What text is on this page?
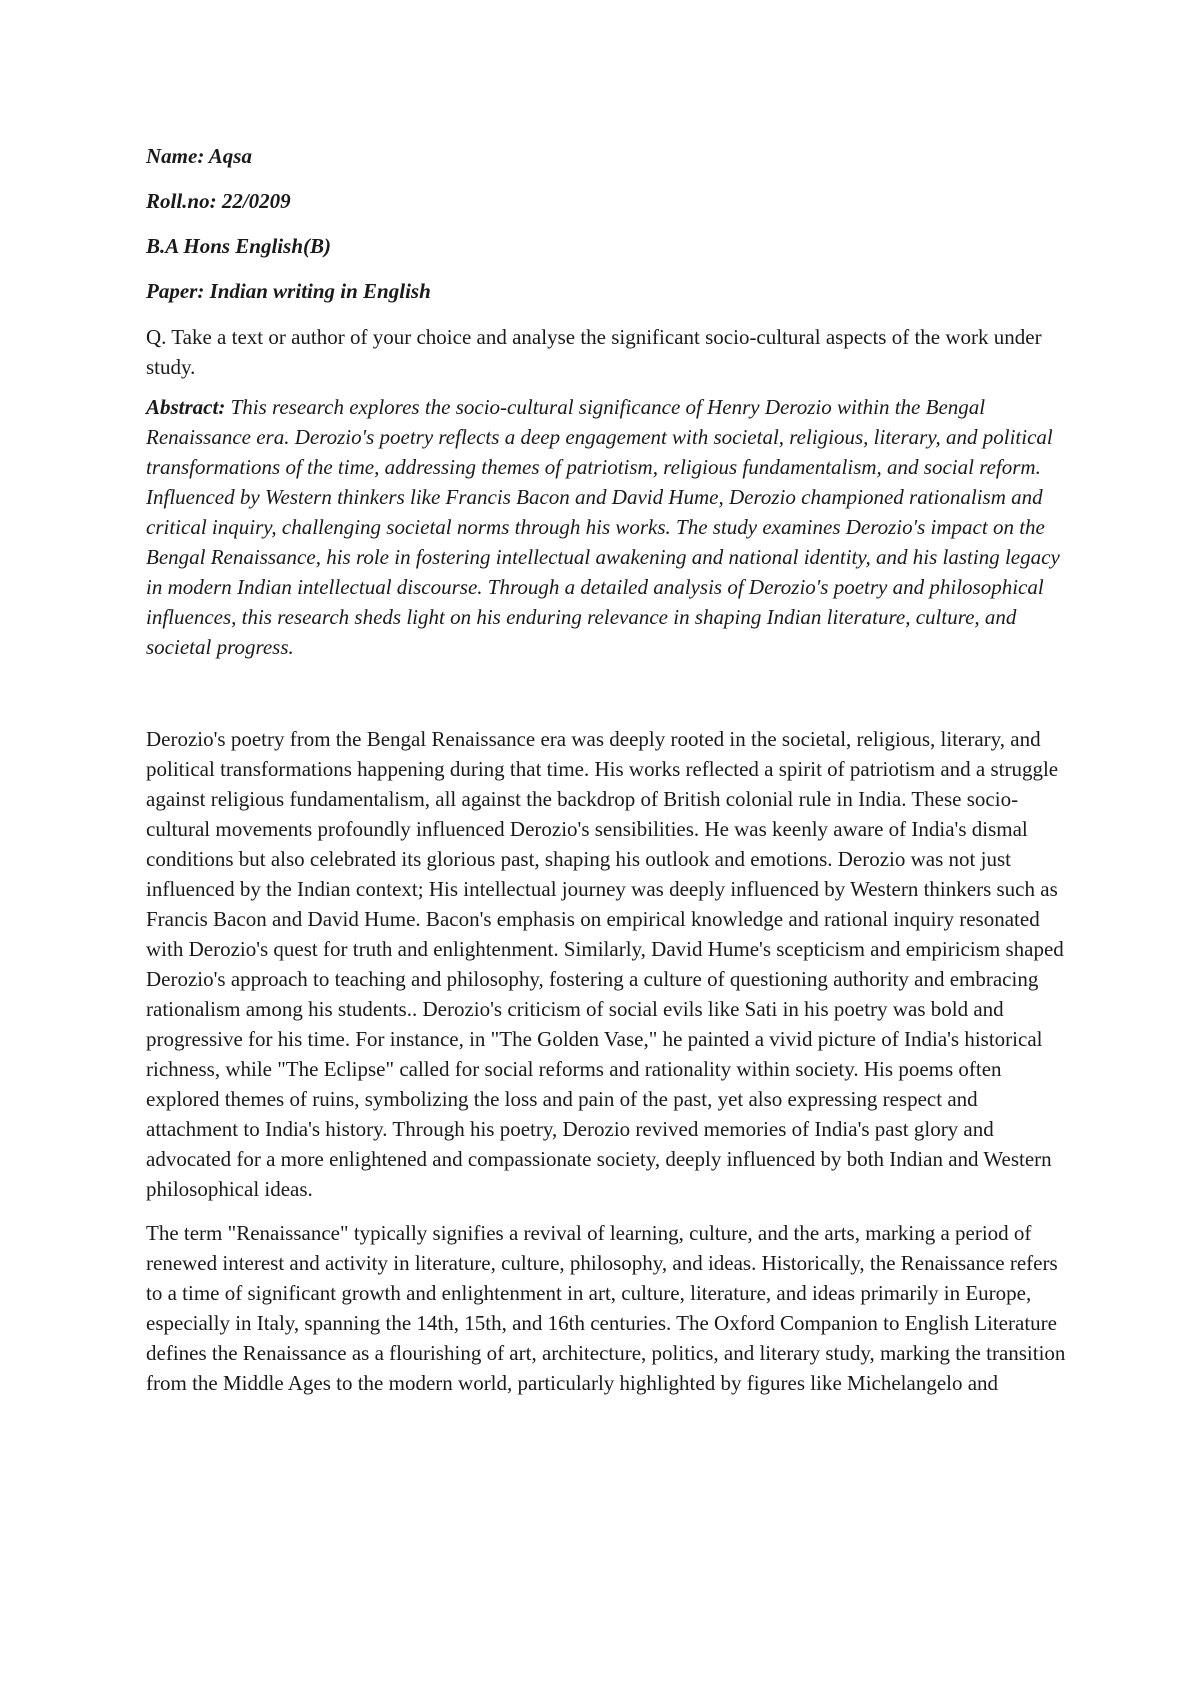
Name: Aqsa

Roll.no: 22/0209

B.A Hons English(B)

Paper: Indian writing in English

Q. Take a text or author of your choice and analyse the significant socio-cultural aspects of the work under study.

Abstract: This research explores the socio-cultural significance of Henry Derozio within the Bengal Renaissance era. Derozio's poetry reflects a deep engagement with societal, religious, literary, and political transformations of the time, addressing themes of patriotism, religious fundamentalism, and social reform. Influenced by Western thinkers like Francis Bacon and David Hume, Derozio championed rationalism and critical inquiry, challenging societal norms through his works. The study examines Derozio's impact on the Bengal Renaissance, his role in fostering intellectual awakening and national identity, and his lasting legacy in modern Indian intellectual discourse. Through a detailed analysis of Derozio's poetry and philosophical influences, this research sheds light on his enduring relevance in shaping Indian literature, culture, and societal progress.

Derozio's poetry from the Bengal Renaissance era was deeply rooted in the societal, religious, literary, and political transformations happening during that time. His works reflected a spirit of patriotism and a struggle against religious fundamentalism, all against the backdrop of British colonial rule in India. These socio-cultural movements profoundly influenced Derozio's sensibilities. He was keenly aware of India's dismal conditions but also celebrated its glorious past, shaping his outlook and emotions. Derozio was not just influenced by the Indian context; His intellectual journey was deeply influenced by Western thinkers such as Francis Bacon and David Hume. Bacon's emphasis on empirical knowledge and rational inquiry resonated with Derozio's quest for truth and enlightenment. Similarly, David Hume's scepticism and empiricism shaped Derozio's approach to teaching and philosophy, fostering a culture of questioning authority and embracing rationalism among his students.. Derozio's criticism of social evils like Sati in his poetry was bold and progressive for his time. For instance, in "The Golden Vase," he painted a vivid picture of India's historical richness, while "The Eclipse" called for social reforms and rationality within society. His poems often explored themes of ruins, symbolizing the loss and pain of the past, yet also expressing respect and attachment to India's history. Through his poetry, Derozio revived memories of India's past glory and advocated for a more enlightened and compassionate society, deeply influenced by both Indian and Western philosophical ideas.

The term "Renaissance" typically signifies a revival of learning, culture, and the arts, marking a period of renewed interest and activity in literature, culture, philosophy, and ideas. Historically, the Renaissance refers to a time of significant growth and enlightenment in art, culture, literature, and ideas primarily in Europe, especially in Italy, spanning the 14th, 15th, and 16th centuries. The Oxford Companion to English Literature defines the Renaissance as a flourishing of art, architecture, politics, and literary study, marking the transition from the Middle Ages to the modern world, particularly highlighted by figures like Michelangelo and
